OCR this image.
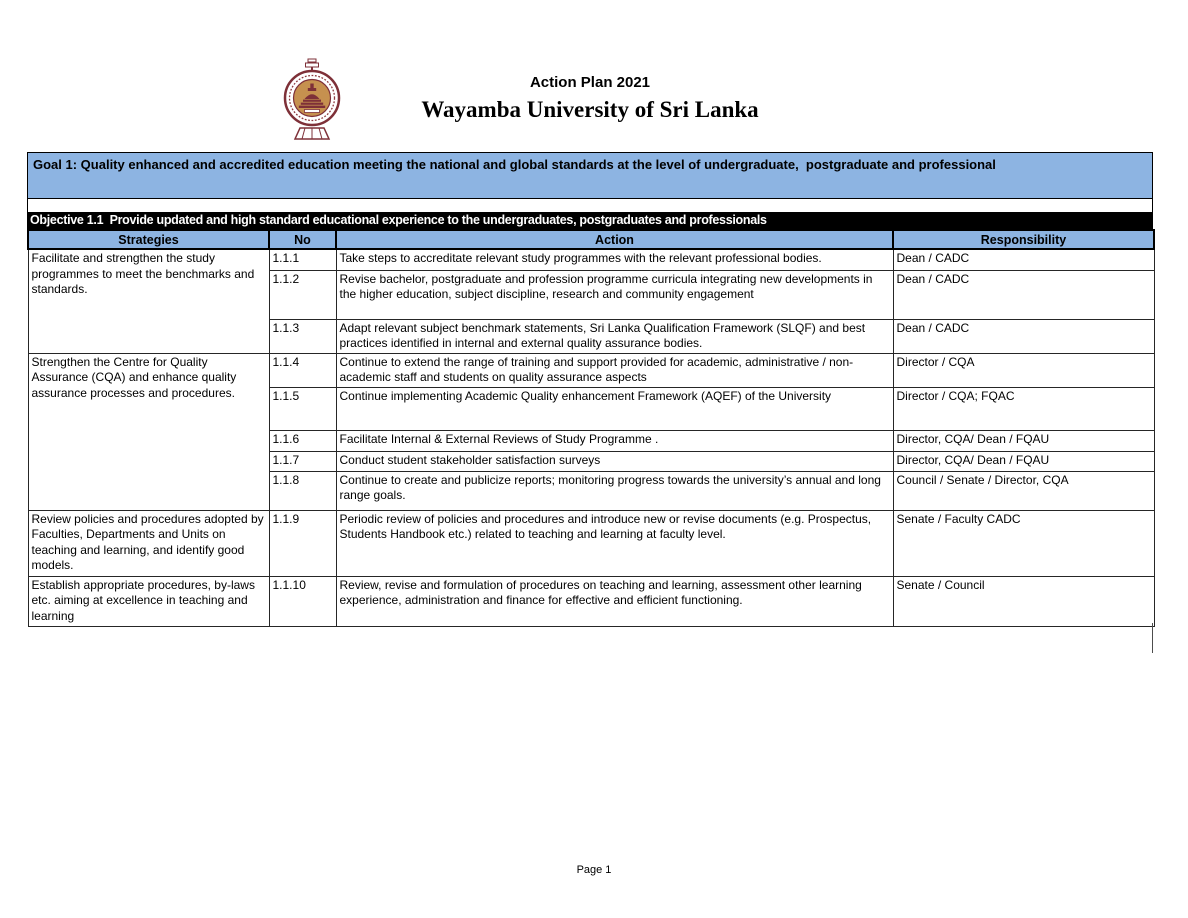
Action Plan 2021
Wayamba University of Sri Lanka
Goal 1: Quality enhanced and accredited education meeting the national and global standards at the level of undergraduate,  postgraduate and professional
Objective 1.1  Provide updated and high standard educational experience to the undergraduates, postgraduates and professionals
Strategies	No	Action	Responsibility
Facilitate and strengthen the study programmes to meet the benchmarks and standards.	1.1.1	Take steps to accreditate relevant study programmes with the relevant professional bodies.	Dean / CADC
	1.1.2	Revise bachelor, postgraduate and profession programme curricula integrating new developments in the higher education, subject discipline, research and community engagement	Dean / CADC
	1.1.3	Adapt relevant subject benchmark statements, Sri Lanka Qualification Framework (SLQF) and best practices identified in internal and external quality assurance bodies.	Dean / CADC
Strengthen the Centre for Quality Assurance (CQA) and enhance quality assurance processes and procedures.	1.1.4	Continue to extend the range of training and support provided for academic, administrative / non-academic staff and students on quality assurance aspects	Director / CQA
	1.1.5	Continue implementing Academic Quality enhancement Framework (AQEF) of the University	Director / CQA; FQAC
	1.1.6	Facilitate Internal & External Reviews of Study Programme .	Director, CQA/ Dean / FQAU
	1.1.7	Conduct student stakeholder satisfaction surveys	Director, CQA/ Dean / FQAU
	1.1.8	Continue to create and publicize reports; monitoring progress towards the university’s annual and long range goals.	Council / Senate / Director, CQA
Review policies and procedures adopted by Faculties, Departments and Units on teaching and learning, and identify good models.	1.1.9	Periodic review of policies and procedures and introduce new or revise documents (e.g. Prospectus, Students Handbook etc.) related to teaching and learning at faculty level.	Senate / Faculty CADC
Establish appropriate procedures, by-laws etc. aiming at excellence in teaching and learning	1.1.10	Review, revise and formulation of procedures on teaching and learning, assessment other learning experience, administration and finance for effective and efficient functioning.	Senate / Council
Page 1
